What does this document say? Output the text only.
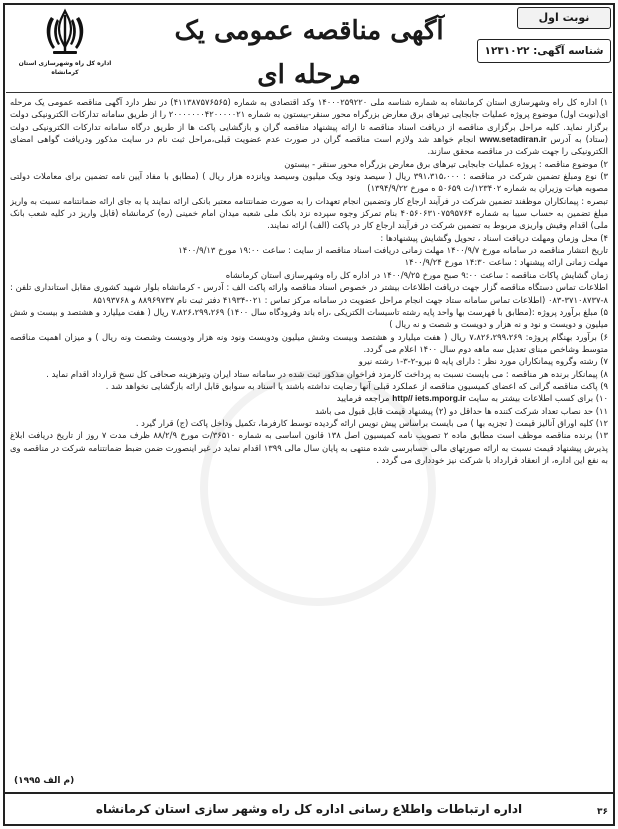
نوبت اول
شناسه آگهی: ۱۲۳۱۰۲۲
آگهی مناقصه عمومی یک مرحله ای
اداره کل راه وشهرسازی استان کرمانشاه

۱) اداره کل راه وشهرسازی استان کرمانشاه به شماره شناسه ملی ۱۴۰۰۰۲۵۹۲۲۰ وکد اقتصادی به شماره (۴۱۱۳۸۷۵۷۶۵۶۵) در نظر دارد آگهی مناقصه عمومی یک مرحله ای(نوبت اول) موضوع پروژه عملیات جابجایی تیرهای برق معارض بزرگراه محور سنقر-بیستون به شماره ۲۰۰۰۰۰۰۰۴۲۰۰۰۰۰۲۱ را از طریق سامانه تدارکات الکترونیکی دولت برگزار نماید. کلیه مراحل برگزاری مناقصه از دریافت اسناد مناقصه تا ارائه پیشنهاد مناقصه گران و بازگشایی پاکت ها از طریق درگاه سامانه تدارکات الکترونیکی دولت (ستاد) به آدرس www.setadiran.ir انجام خواهد شد ولازم است مناقصه گران در صورت عدم عضویت قبلی،مراحل ثبت نام در سایت مذکور ودریافت گواهی امضای الکترونیکی را جهت شرکت در مناقصه محقق سازند.

۲) موضوع مناقصه : پروژه عملیات جابجایی تیرهای برق معارض بزرگراه محور سنقر - بیستون

۳) نوع ومبلغ تضمین شرکت در مناقصه : ۳۹۱،۳۱۵،۰۰۰ ریال ( سیصد ونود ویک میلیون وسیصد وپانزده هزار ریال ) (مطابق با مفاد آیین نامه تضمین برای معاملات دولتی مصوبه هیات وزیران به شماره ۱۲۳۴۰۲/ت ۵۰۶۵۹ ه مورخ ۱۳۹۴/۹/۲۲)

تبصره : پیمانکاران موظفند تضمین شرکت در فرآیند ارجاع کار وتضمین انجام تعهدات را به صورت ضمانتنامه معتبر بانکی ارائه نمایند یا به جای ارائه ضمانتنامه نسبت به واریز مبلغ تضمین به حساب سیبا به شماره ۴۰۵۶۰۶۳۱۰۷۵۹۵۷۶۴ بنام تمرکز وجوه سپرده نزد بانک ملی شعبه میدان امام خمینی (ره) کرمانشاه (قابل واریز در کلیه شعب بانک ملی) اقدام وفیش واریزی مربوط به تضمین شرکت در فرآیند ارجاع کار در پاکت (الف) ارائه نمایند.

۴) محل وزمان ومهلت دریافت اسناد ، تحویل وگشایش پیشنهادها :

تاریخ انتشار مناقصه در سامانه مورخ ۱۴۰۰/۹/۷ مهلت زمانی دریافت اسناد مناقصه از سایت : ساعت ۱۹:۰۰ مورخ ۱۴۰۰/۹/۱۳

مهلت زمانی ارائه پیشنهاد : ساعت ۱۴:۳۰ مورخ ۱۴۰۰/۹/۲۴

زمان گشایش پاکات مناقصه : ساعت ۹:۰۰ صبح مورخ ۱۴۰۰/۹/۲۵ در اداره کل راه وشهرسازی استان کرمانشاه

اطلاعات تماس دستگاه مناقصه گزار جهت دریافت اطلاعات بیشتر در خصوص اسناد مناقصه وارائه پاکت الف : آدرس - کرمانشاه بلوار شهید کشوری مقابل استانداری تلفن : ۸-۳۷۱۰۸۷۳۷-۰۸۳ (اطلاعات تماس سامانه ستاد جهت انجام مراحل عضویت در سامانه مرکز تماس : ۰۲۱-۴۱۹۳۴ دفتر ثبت نام ۸۸۹۶۹۷۳۷ و ۸۵۱۹۳۷۶۸

۵) مبلغ برآورد پروژه :(مطابق با فهرست بها واحد پایه رشته تاسیسات الکتریکی ،راه باند وفرودگاه سال ۱۴۰۰) ۷،۸۲۶،۲۹۹،۲۶۹ ریال ( هفت میلیارد و هشتصد و بیست و شش میلیون و دویست و نود و نه هزار و دویست و شصت و نه ریال )

۶) برآورد بهنگام پروژه: ۷،۸۲۶،۲۹۹،۲۶۹ ریال ( هفت میلیارد و هشتصد وبیست وشش میلیون ودویست ونود ونه هزار ودویست وشصت ونه ریال ) و میزان اهمیت مناقصه متوسط وشاخص مبنای تعدیل سه ماهه دوم سال ۱۴۰۰ اعلام می گردد.

۷) رشته وگروه پیمانکاران مورد نظر : دارای پایه ۵ نیرو-۲-۳-۱ رشته نیرو

۸) پیمانکار برنده هر مناقصه : می بایست نسبت به پرداخت کارمزد فراخوان مذکور ثبت شده در سامانه ستاد ایران وتیزهزینه صحافی کل نسخ قرارداد اقدام نماید .

۹) پاکت مناقصه گرانی که اعضای کمیسیون مناقصه از عملکرد قبلی آنها رضایت نداشته باشند یا اسناد به سوابق قابل ارائه بازگشایی نخواهد شد .

۱۰) برای کسب اطلاعات بیشتر به سایت http// iets.mporg.ir مراجعه فرمایید

۱۱) حد نصاب تعداد شرکت کننده ها حداقل دو (۲) پیشنهاد قیمت قابل قبول می باشد

۱۲) کلیه اوراق آنالیز قیمت ( تجزیه بها ) می بایست براساس پیش نویس ارائه گردیده توسط کارفرما، تکمیل وداخل پاکت (ج) قرار گیرد .

۱۳) برنده مناقصه موظف است مطابق ماده ۲ تصویب نامه کمیسیون اصل ۱۳۸ قانون اساسی به شماره ۳۶۵۱۰/ت مورخ ۸۸/۲/۹ ظرف مدت ۷ روز از تاریخ دریافت ابلاغ پذیرش پیشنهاد قیمت نسبت به ارائه صورتهای مالی حسابرسی شده منتهی به پایان سال مالی ۱۳۹۹ اقدام نماید در غیر اینصورت ضمن ضبط ضمانتنامه شرکت در مناقصه وی به نفع این اداره، از انعقاد قرارداد با شرکت نیز خودداری می گردد .

(م الف ۱۹۹۵)
اداره ارتباطات واطلاع رسانی اداره کل راه وشهر سازی استان کرمانشاه	۳۶
